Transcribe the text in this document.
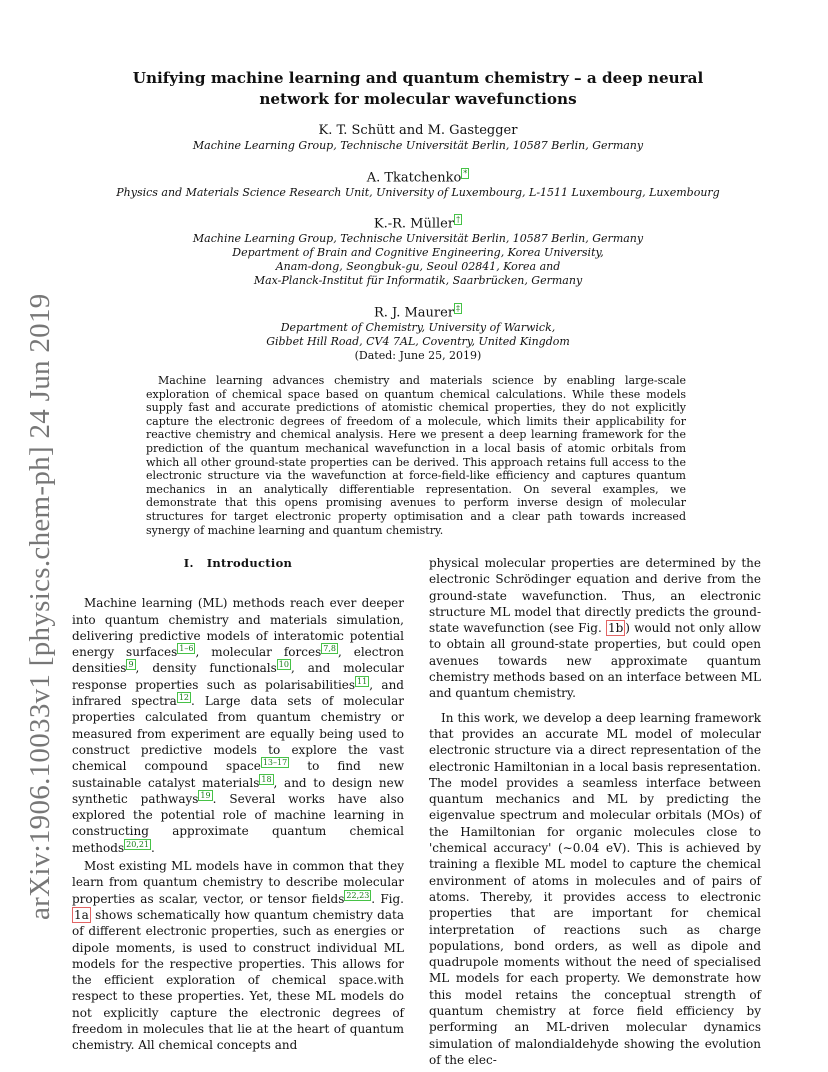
arXiv:1906.10033v1 [physics.chem-ph] 24 Jun 2019
Unifying machine learning and quantum chemistry – a deep neural network for molecular wavefunctions
K. T. Schütt and M. Gastegger
Machine Learning Group, Technische Universität Berlin, 10587 Berlin, Germany
A. Tkatchenko *
Physics and Materials Science Research Unit, University of Luxembourg, L-1511 Luxembourg, Luxembourg
K.-R. Müller †
Machine Learning Group, Technische Universität Berlin, 10587 Berlin, Germany
Department of Brain and Cognitive Engineering, Korea University,
Anam-dong, Seongbuk-gu, Seoul 02841, Korea and
Max-Planck-Institut für Informatik, Saarbrücken, Germany
R. J. Maurer ‡
Department of Chemistry, University of Warwick,
Gibbet Hill Road, CV4 7AL, Coventry, United Kingdom
(Dated: June 25, 2019)
Machine learning advances chemistry and materials science by enabling large-scale exploration of chemical space based on quantum chemical calculations. While these models supply fast and accurate predictions of atomistic chemical properties, they do not explicitly capture the electronic degrees of freedom of a molecule, which limits their applicability for reactive chemistry and chemical analysis. Here we present a deep learning framework for the prediction of the quantum mechanical wavefunction in a local basis of atomic orbitals from which all other ground-state properties can be derived. This approach retains full access to the electronic structure via the wavefunction at force-field-like efficiency and captures quantum mechanics in an analytically differentiable representation. On several examples, we demonstrate that this opens promising avenues to perform inverse design of molecular structures for target electronic property optimisation and a clear path towards increased synergy of machine learning and quantum chemistry.
I. Introduction

Machine learning (ML) methods reach ever deeper into quantum chemistry and materials simulation, delivering predictive models of interatomic potential energy surfaces $^{1-6}$ , molecular forces $^{7,8}$ , electron densities $^9$ , density functionals $^{10}$ , and molecular response properties such as polarisabilities $^{11}$ , and infrared spectra $^{12}$ . Large data sets of molecular properties calculated from quantum chemistry or measured from experiment are equally being used to construct predictive models to explore the vast chemical compound space $^{13-17}$ to find new sustainable catalyst materials $^{18}$ , and to design new synthetic pathways $^{19}$ . Several works have also explored the potential role of machine learning in constructing approximate quantum chemical methods $^{20,21}$ .

Most existing ML models have in common that they learn from quantum chemistry to describe molecular properties as scalar, vector, or tensor fields $^{22,23}$ . Fig. 1a shows schematically how quantum chemistry data of different electronic properties, such as energies or dipole moments, is used to construct individual ML models for the respective properties. This allows for the efficient exploration of chemical space.with respect to these properties. Yet, these ML models do not explicitly capture the electronic degrees of freedom in molecules that lie at the heart of quantum chemistry. All chemical concepts and

physical molecular properties are determined by the electronic Schrödinger equation and derive from the ground-state wavefunction. Thus, an electronic structure ML model that directly predicts the ground-state wavefunction (see Fig. 1b ) would not only allow to obtain all ground-state properties, but could open avenues towards new approximate quantum chemistry methods based on an interface between ML and quantum chemistry.

In this work, we develop a deep learning framework that provides an accurate ML model of molecular electronic structure via a direct representation of the electronic Hamiltonian in a local basis representation. The model provides a seamless interface between quantum mechanics and ML by predicting the eigenvalue spectrum and molecular orbitals (MOs) of the Hamiltonian for organic molecules close to 'chemical accuracy' (∼0.04 eV). This is achieved by training a flexible ML model to capture the chemical environment of atoms in molecules and of pairs of atoms. Thereby, it provides access to electronic properties that are important for chemical interpretation of reactions such as charge populations, bond orders, as well as dipole and quadrupole moments without the need of specialised ML models for each property. We demonstrate how this model retains the conceptual strength of quantum chemistry at force field efficiency by performing an ML-driven molecular dynamics simulation of malondialdehyde showing the evolution of the elec-
